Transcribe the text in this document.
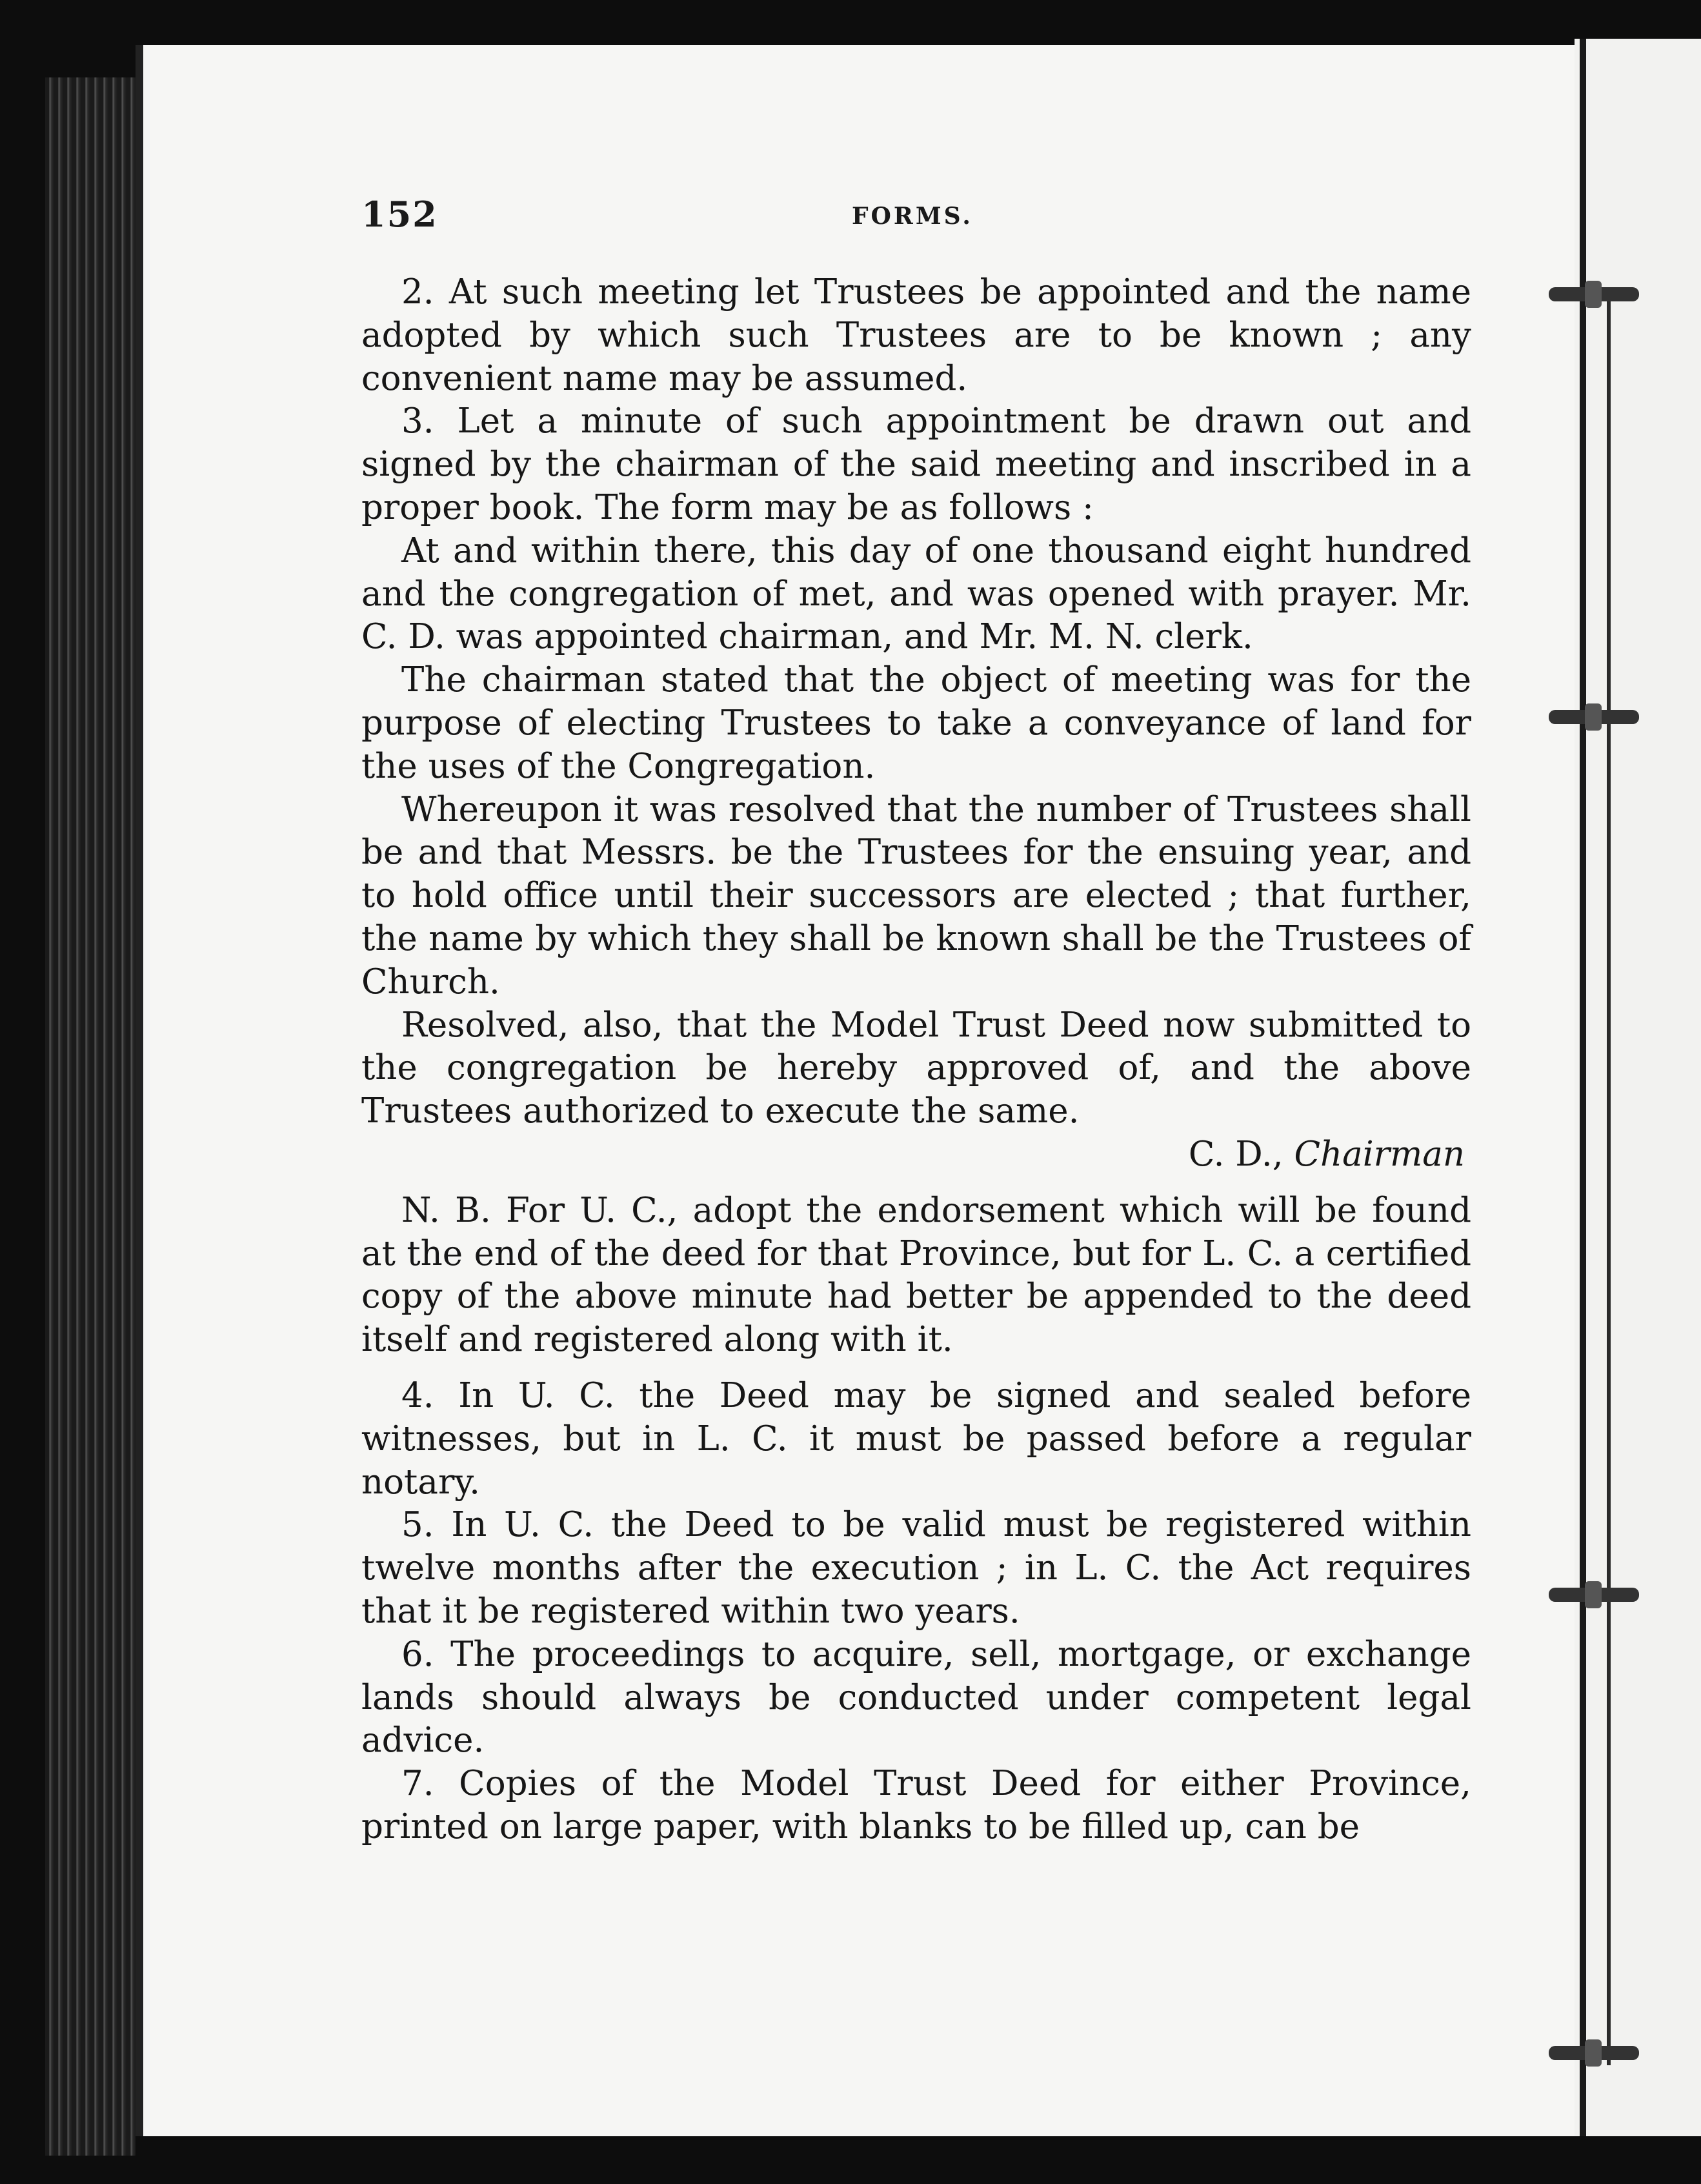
152	FORMS.

2. At such meeting let Trustees be appointed and the name adopted by which such Trustees are to be known ; any convenient name may be assumed.

3. Let a minute of such appointment be drawn out and signed by the chairman of the said meeting and inscribed in a proper book. The form may be as follows :

At and within there, this day of one thousand eight hundred and the congregation of met, and was opened with prayer. Mr. C. D. was appointed chairman, and Mr. M. N. clerk.

The chairman stated that the object of meeting was for the purpose of electing Trustees to take a conveyance of land for the uses of the Congregation.

Whereupon it was resolved that the number of Trustees shall be and that Messrs. be the Trustees for the ensuing year, and to hold office until their successors are elected ; that further, the name by which they shall be known shall be the Trustees of Church.

Resolved, also, that the Model Trust Deed now submitted to the congregation be hereby approved of, and the above Trustees authorized to execute the same.

C. D., Chairman

N. B. For U. C., adopt the endorsement which will be found at the end of the deed for that Province, but for L. C. a certified copy of the above minute had better be appended to the deed itself and registered along with it.

4. In U. C. the Deed may be signed and sealed before witnesses, but in L. C. it must be passed before a regular notary.

5. In U. C. the Deed to be valid must be registered within twelve months after the execution ; in L. C. the Act requires that it be registered within two years.

6. The proceedings to acquire, sell, mortgage, or exchange lands should always be conducted under competent legal advice.

7. Copies of the Model Trust Deed for either Province, printed on large paper, with blanks to be filled up, can be
